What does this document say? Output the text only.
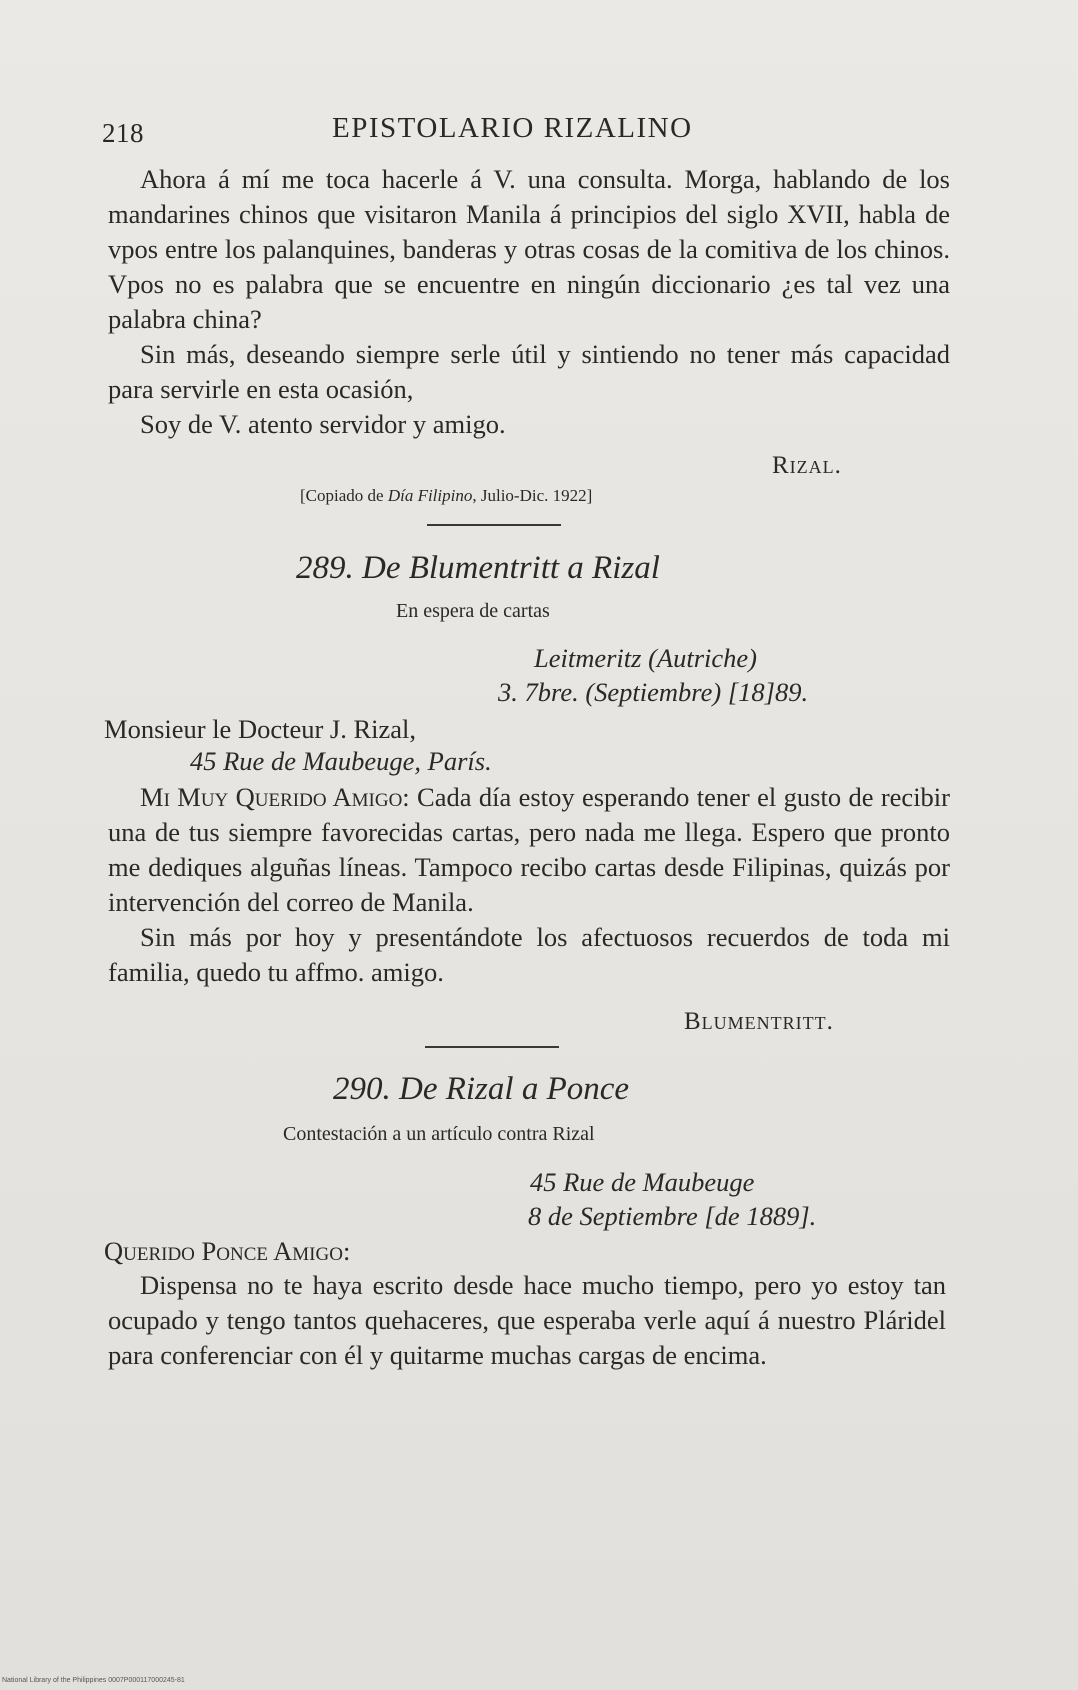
218	EPISTOLARIO RIZALINO

Ahora á mí me toca hacerle á V. una consulta. Morga, hablando de los mandarines chinos que visitaron Manila á principios del siglo XVII, habla de vpos entre los palanquines, banderas y otras cosas de la comitiva de los chinos. Vpos no es palabra que se encuentre en ningún diccionario ¿es tal vez una palabra china?

Sin más, deseando siempre serle útil y sintiendo no tener más capacidad para servirle en esta ocasión,

Soy de V. atento servidor y amigo.

Rizal.
[Copiado de Día Filipino, Julio-Dic. 1922]
289. De Blumentritt a Rizal
En espera de cartas
Leitmeritz (Autriche)
3. 7bre. (Septiembre) [18]89.
Monsieur le Docteur J. Rizal,
45 Rue de Maubeuge, París.

Mi Muy Querido Amigo: Cada día estoy esperando tener el gusto de recibir una de tus siempre favorecidas cartas, pero nada me llega. Espero que pronto me dediques alguñas líneas. Tampoco recibo cartas desde Filipinas, quizás por intervención del correo de Manila.

Sin más por hoy y presentándote los afectuosos recuerdos de toda mi familia, quedo tu affmo. amigo.

Blumentritt.
290. De Rizal a Ponce
Contestación a un artículo contra Rizal
45 Rue de Maubeuge
8 de Septiembre [de 1889].
Querido Ponce Amigo:

Dispensa no te haya escrito desde hace mucho tiempo, pero yo estoy tan ocupado y tengo tantos quehaceres, que esperaba verle aquí á nuestro Pláridel para conferenciar con él y quitarme muchas cargas de encima.

National Library of the Philippines 0007P000117000245-81
